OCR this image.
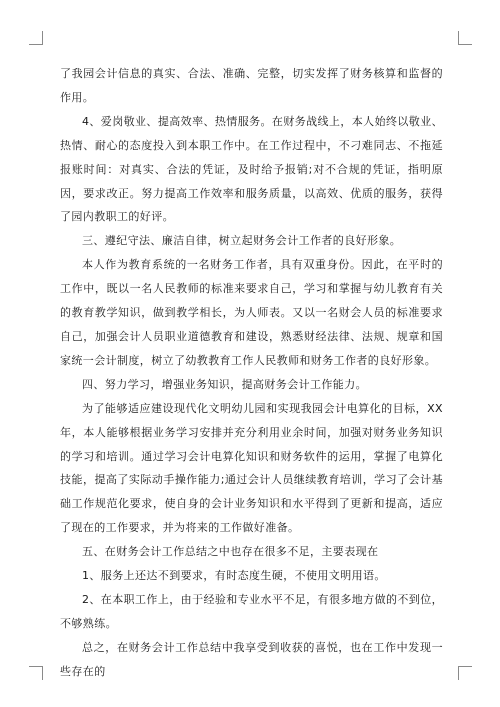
了我园会计信息的真实、合法、准确、完整，切实发挥了财务核算和监督的作用。

4、爱岗敬业、提高效率、热情服务。在财务战线上，本人始终以敬业、热情、耐心的态度投入到本职工作中。在工作过程中，不刁难同志、不拖延报账时间：对真实、合法的凭证，及时给予报销;对不合规的凭证，指明原因，要求改正。努力提高工作效率和服务质量，以高效、优质的服务，获得了园内教职工的好评。

三、遵纪守法、廉洁自律，树立起财务会计工作者的良好形象。

本人作为教育系统的一名财务工作者，具有双重身份。因此，在平时的工作中，既以一名人民教师的标准来要求自己，学习和掌握与幼儿教育有关的教育教学知识，做到教学相长，为人师表。又以一名财会人员的标准要求自己，加强会计人员职业道德教育和建设，熟悉财经法律、法规、规章和国家统一会计制度，树立了幼教教育工作人民教师和财务工作者的良好形象。

四、努力学习，增强业务知识，提高财务会计工作能力。

为了能够适应建设现代化文明幼儿园和实现我园会计电算化的目标，XX年，本人能够根据业务学习安排并充分利用业余时间，加强对财务业务知识的学习和培训。通过学习会计电算化知识和财务软件的运用，掌握了电算化技能，提高了实际动手操作能力;通过会计人员继续教育培训，学习了会计基础工作规范化要求，使自身的会计业务知识和水平得到了更新和提高，适应了现在的工作要求，并为将来的工作做好准备。

五、在财务会计工作总结之中也存在很多不足，主要表现在

1、服务上还达不到要求，有时态度生硬，不使用文明用语。

2、在本职工作上，由于经验和专业水平不足，有很多地方做的不到位，不够熟练。

总之，在财务会计工作总结中我享受到收获的喜悦，也在工作中发现一些存在的
